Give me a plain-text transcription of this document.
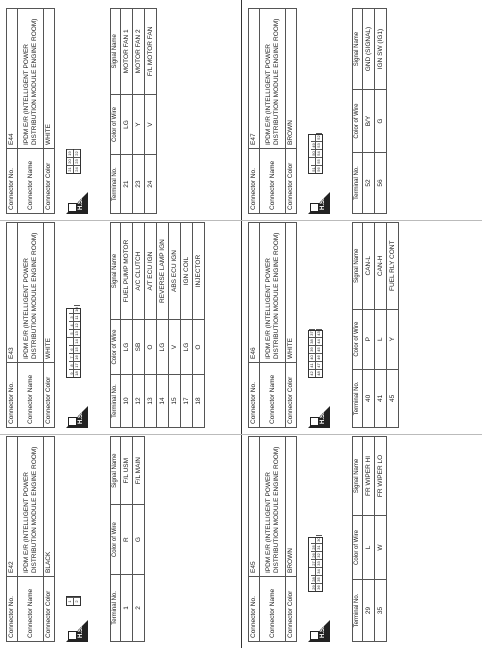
Connector No.	E42
Connector Name	IPDM E/R (INTELLIGENT POWER DISTRIBUTION MODULE ENGINE ROOM)
Connector Color	BLACK
H.S.
1 2	Terminal No.	Color of Wire	Signal Name
1	R	F/L USM
2	G	F/L MAIN
Connector No.	E43
Connector Name	IPDM E/R (INTELLIGENT POWER DISTRIBUTION MODULE ENGINE ROOM)
Connector Color	WHITE
H.S.
9876543
181716151413121110
Terminal No.	Color of Wire	Signal Name
10	LG	FUEL PUMP MOTOR
12	SB	A/C CLUTCH
13	O	A/T ECU IGN
14	LG	REVERSE LAMP IGN
15	V	ABS ECU IGN
17	LG	IGN COIL
18	O	INJECTOR
Connector No.	E44
Connector Name	IPDM E/R (INTELLIGENT POWER DISTRIBUTION MODULE ENGINE ROOM)
Connector Color	WHITE
H.S.
212019
242322
Terminal No.	Color of Wire	Signal Name
21	LG	MOTOR FAN 1
23	Y	MOTOR FAN 2
24	V	F/L MOTOR FAN
Connector No.	E45
Connector Name	IPDM E/R (INTELLIGENT POWER DISTRIBUTION MODULE ENGINE ROOM)
Connector Color	BROWN
H.S.
2928272625
36353433323130
Terminal No.	Color of Wire	Signal Name
29	L	FR WIPER HI
35	W	FR WIPER LO
Connector No.	E46
Connector Name	IPDM E/R (INTELLIGENT POWER DISTRIBUTION MODULE ENGINE ROOM)
Connector Color	WHITE
H.S.
424140393837
484746454443
Terminal No.	Color of Wire	Signal Name
40	P	CAN-L
41	L	CAN-H
45	Y	FUEL RLY CONT
Connector No.	E47
Connector Name	IPDM E/R (INTELLIGENT POWER DISTRIBUTION MODULE ENGINE ROOM)
Connector Color	BROWN
H.S.
515049
5655545352
Terminal No.	Color of Wire	Signal Name
52	B/Y	GND (SIGNAL)
56	G	IGN SW (IG1)
